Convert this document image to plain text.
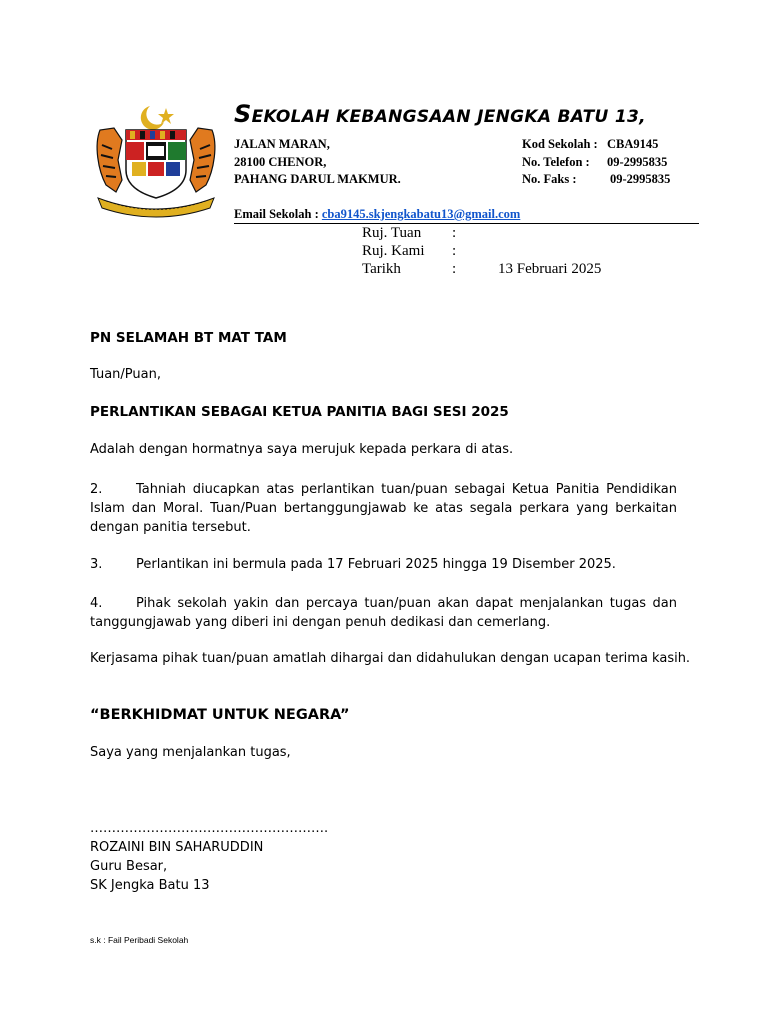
SEKOLAH KEBANGSAAN JENGKA BATU 13,
JALAN MARAN,
28100 CHENOR,
PAHANG DARUL MAKMUR.
Kod Sekolah : CBA9145
No. Telefon : 09-2995835
No. Faks :	09-2995835
Email Sekolah : cba9145.skjengkabatu13@gmail.com
Ruj. Tuan :
Ruj. Kami :
Tarikh	:	13 Februari 2025
PN SELAMAH BT MAT TAM
Tuan/Puan,
PERLANTIKAN SEBAGAI KETUA PANITIA BAGI SESI 2025
Adalah dengan hormatnya saya merujuk kepada perkara di atas.
2.	Tahniah diucapkan atas perlantikan tuan/puan sebagai Ketua Panitia Pendidikan Islam dan Moral. Tuan/Puan bertanggungjawab ke atas segala perkara yang berkaitan dengan panitia tersebut.
3.	Perlantikan ini bermula pada 17 Februari 2025 hingga 19 Disember 2025.
4.	Pihak sekolah yakin dan percaya tuan/puan akan dapat menjalankan tugas dan tanggungjawab yang diberi ini dengan penuh dedikasi dan cemerlang.
Kerjasama pihak tuan/puan amatlah dihargai dan didahulukan dengan ucapan terima kasih.
“BERKHIDMAT UNTUK NEGARA”
Saya yang menjalankan tugas,
……………………………………………….
ROZAINI BIN SAHARUDDIN
Guru Besar,
SK Jengka Batu 13
s.k : Fail Peribadi Sekolah
